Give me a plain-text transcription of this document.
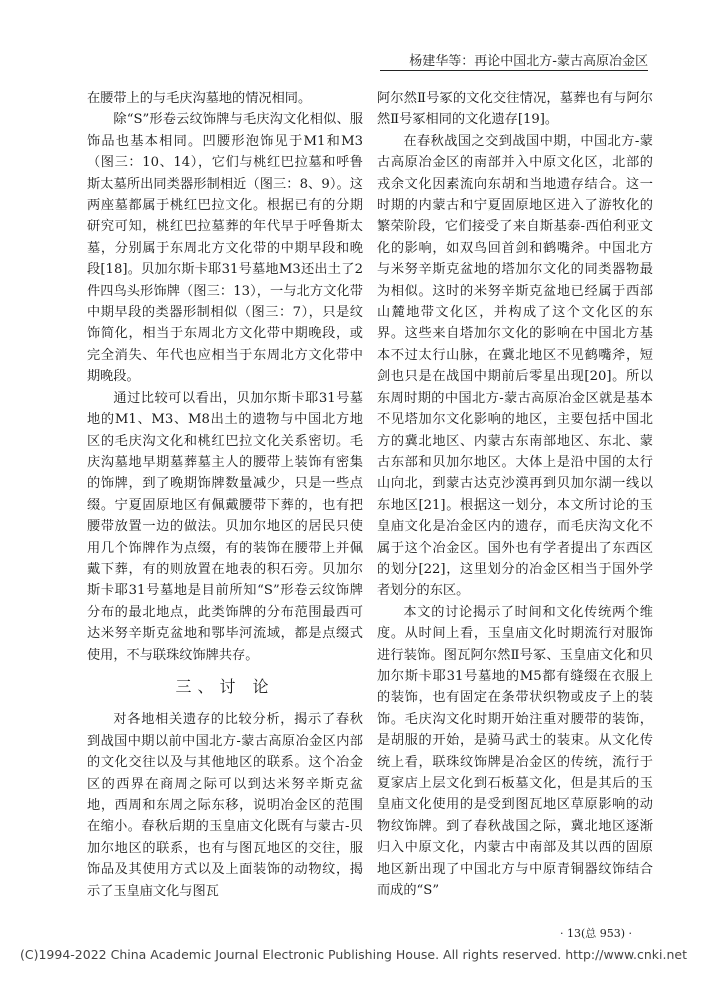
杨建华等：再论中国北方-蒙古高原冶金区

在腰带上的与毛庆沟墓地的情况相同。

除“S”形卷云纹饰牌与毛庆沟文化相似、服饰品也基本相同。凹腰形泡饰见于M1和M3（图三：10、14），它们与桃红巴拉墓和呼鲁斯太墓所出同类器形制相近（图三：8、9）。这两座墓都属于桃红巴拉文化。根据已有的分期研究可知，桃红巴拉墓葬的年代早于呼鲁斯太墓，分别属于东周北方文化带的中期早段和晚段[18]。贝加尔斯卡耶31号墓地M3还出土了2件四鸟头形饰牌（图三：13），一与北方文化带中期早段的类器形制相似（图三：7），只是纹饰简化，相当于东周北方文化带中期晚段，或完全消失、年代也应相当于东周北方文化带中期晚段。

通过比较可以看出，贝加尔斯卡耶31号墓地的M1、M3、M8出土的遗物与中国北方地区的毛庆沟文化和桃红巴拉文化关系密切。毛庆沟墓地早期墓葬墓主人的腰带上装饰有密集的饰牌，到了晚期饰牌数量减少，只是一些点缀。宁夏固原地区有佩戴腰带下葬的，也有把腰带放置一边的做法。贝加尔地区的居民只使用几个饰牌作为点缀，有的装饰在腰带上并佩戴下葬，有的则放置在地表的积石旁。贝加尔斯卡耶31号墓地是目前所知“S”形卷云纹饰牌分布的最北地点，此类饰牌的分布范围最西可达米努辛斯克盆地和鄂毕河流域，都是点缀式使用，不与联珠纹饰牌共存。

三、讨 论

对各地相关遗存的比较分析，揭示了春秋到战国中期以前中国北方-蒙古高原冶金区内部的文化交往以及与其他地区的联系。这个冶金区的西界在商周之际可以到达米努辛斯克盆地，西周和东周之际东移，说明冶金区的范围在缩小。春秋后期的玉皇庙文化既有与蒙古-贝加尔地区的联系，也有与图瓦地区的交往，服饰品及其使用方式以及上面装饰的动物纹，揭示了玉皇庙文化与图瓦

阿尔然Ⅱ号冢的文化交往情况，墓葬也有与阿尔然Ⅱ号冢相同的文化遗存[19]。

在春秋战国之交到战国中期，中国北方-蒙古高原冶金区的南部并入中原文化区，北部的戎余文化因素流向东胡和当地遗存结合。这一时期的内蒙古和宁夏固原地区进入了游牧化的繁荣阶段，它们接受了来自斯基泰-西伯利亚文化的影响，如双鸟回首剑和鹤嘴斧。中国北方与米努辛斯克盆地的塔加尔文化的同类器物最为相似。这时的米努辛斯克盆地已经属于西部山麓地带文化区，并构成了这个文化区的东界。这些来自塔加尔文化的影响在中国北方基本不过太行山脉，在冀北地区不见鹤嘴斧，短剑也只是在战国中期前后零星出现[20]。所以东周时期的中国北方-蒙古高原冶金区就是基本不见塔加尔文化影响的地区，主要包括中国北方的冀北地区、内蒙古东南部地区、东北、蒙古东部和贝加尔地区。大体上是沿中国的太行山向北，到蒙古达克沙漠再到贝加尔湖一线以东地区[21]。根据这一划分，本文所讨论的玉皇庙文化是冶金区内的遗存，而毛庆沟文化不属于这个冶金区。国外也有学者提出了东西区的划分[22]，这里划分的冶金区相当于国外学者划分的东区。

本文的讨论揭示了时间和文化传统两个维度。从时间上看，玉皇庙文化时期流行对服饰进行装饰。图瓦阿尔然Ⅱ号冢、玉皇庙文化和贝加尔斯卡耶31号墓地的M5都有缝缀在衣服上的装饰，也有固定在条带状织物或皮子上的装饰。毛庆沟文化时期开始注重对腰带的装饰，是胡服的开始，是骑马武士的装束。从文化传统上看，联珠纹饰牌是冶金区的传统，流行于夏家店上层文化到石板墓文化，但是其后的玉皇庙文化使用的是受到图瓦地区草原影响的动物纹饰牌。到了春秋战国之际，冀北地区逐渐归入中原文化，内蒙古中南部及其以西的固原地区新出现了中国北方与中原青铜器纹饰结合而成的“S”

· 13(总 953) ·
(C)1994-2022 China Academic Journal Electronic Publishing House. All rights reserved. http://www.cnki.net
